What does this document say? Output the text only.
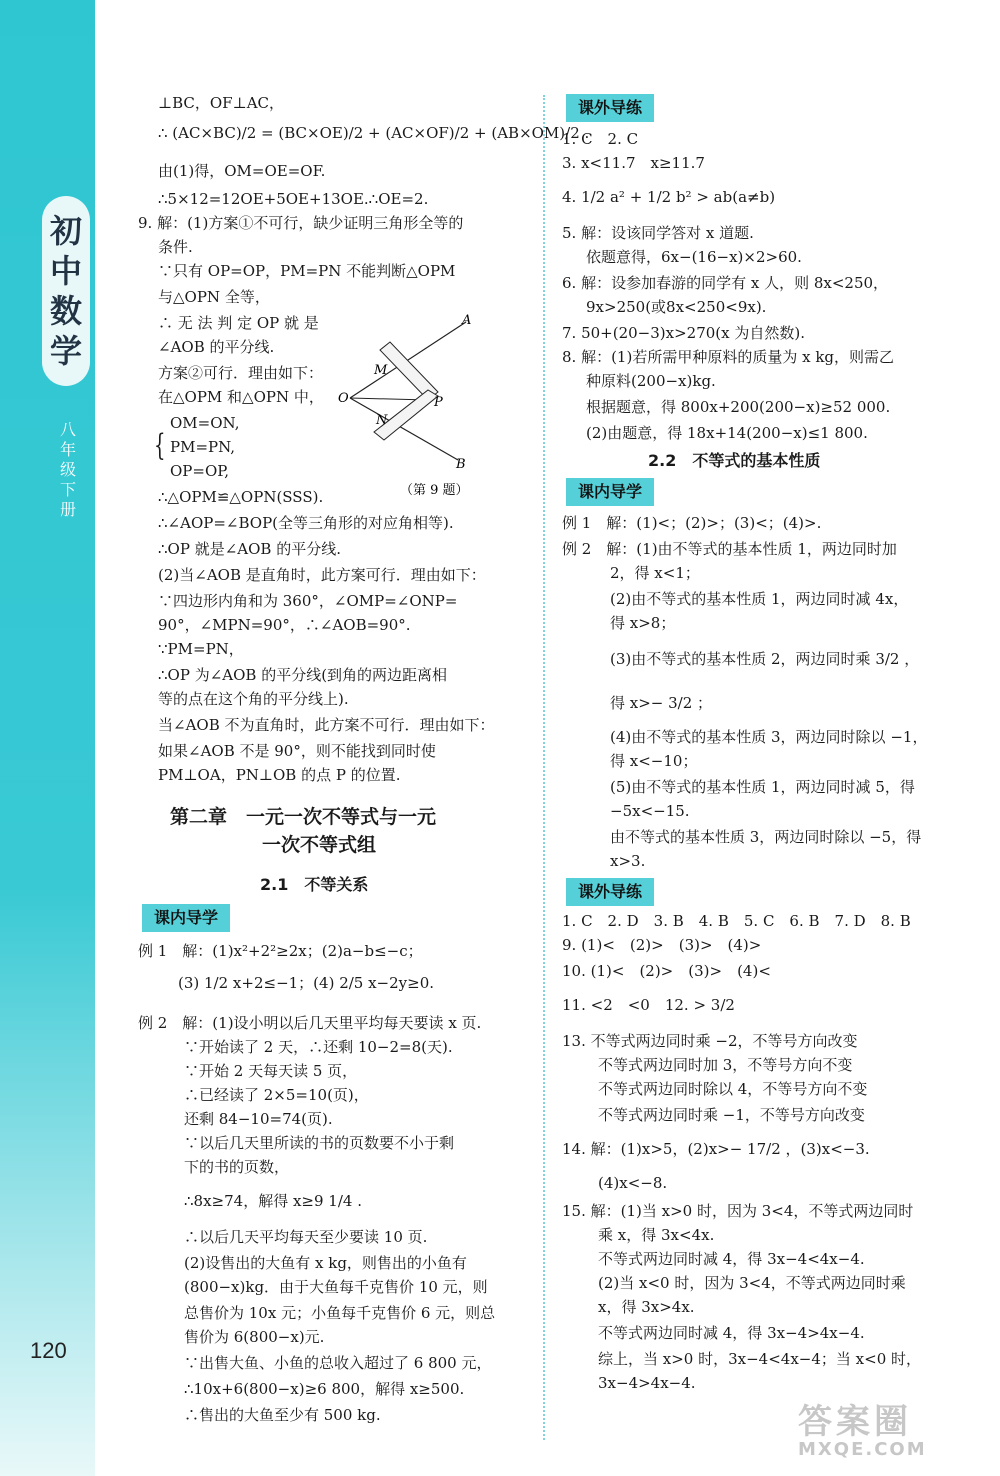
初
中
数
学
八年级 下册
120
⊥BC，OF⊥AC，
∴ (AC×BC)/2 = (BC×OE)/2 + (AC×OF)/2 + (AB×OM)/2 .
由(1)得，OM=OE=OF.
∴5×12=12OE+5OE+13OE.∴OE=2.
9. 解：(1)方案①不可行，缺少证明三角形全等的
条件.
∵只有 OP=OP，PM=PN 不能判断△OPM
与△OPN 全等，
∴ 无 法 判 定 OP 就 是
∠AOB 的平分线.
方案②可行．理由如下：
在△OPM 和△OPN 中，
{
OM=ON,
PM=PN,
OP=OP,
∴△OPM≌△OPN(SSS).
∴∠AOP=∠BOP(全等三角形的对应角相等).
∴OP 就是∠AOB 的平分线.
(2)当∠AOB 是直角时，此方案可行．理由如下：
∵四边形内角和为 360°，∠OMP=∠ONP=
90°，∠MPN=90°，∴∠AOB=90°.
∵PM=PN，
∴OP 为∠AOB 的平分线(到角的两边距离相
等的点在这个角的平分线上).
当∠AOB 不为直角时，此方案不可行．理由如下：
如果∠AOB 不是 90°，则不能找到同时使
PM⊥OA，PN⊥OB 的点 P 的位置.
A
M
O	P
N
B
（第 9 题）
第二章　一元一次不等式与一元
一次不等式组
2.1　不等关系
课内导学
例 1　解：(1)x²+2²≥2x；(2)a−b≤−c；
(3) 1/2 x+2≤−1；(4) 2/5 x−2y≥0.
例 2　解：(1)设小明以后几天里平均每天要读 x 页.
∵开始读了 2 天，∴还剩 10−2=8(天).
∵开始 2 天每天读 5 页，
∴已经读了 2×5=10(页)，
还剩 84−10=74(页).
∵以后几天里所读的书的页数要不小于剩
下的书的页数，
∴8x≥74，解得 x≥9 1/4 .
∴以后几天平均每天至少要读 10 页.
(2)设售出的大鱼有 x kg，则售出的小鱼有
(800−x)kg．由于大鱼每千克售价 10 元，则
总售价为 10x 元；小鱼每千克售价 6 元，则总
售价为 6(800−x)元.
∵出售大鱼、小鱼的总收入超过了 6 800 元，
∴10x+6(800−x)≥6 800，解得 x≥500.
∴售出的大鱼至少有 500 kg.
课外导练
1. C　2. C
3. x<11.7　x≥11.7
4. 1/2 a² + 1/2 b² > ab(a≠b)
5. 解：设该同学答对 x 道题.
依题意得，6x−(16−x)×2>60.
6. 解：设参加春游的同学有 x 人，则 8x<250，
9x>250(或8x<250<9x).
7. 50+(20−3)x>270(x 为自然数).
8. 解：(1)若所需甲种原料的质量为 x kg，则需乙
种原料(200−x)kg.
根据题意，得 800x+200(200−x)≥52 000.
(2)由题意，得 18x+14(200−x)≤1 800.
2.2　不等式的基本性质
课内导学
例 1　解：(1)<；(2)>；(3)<；(4)>.
例 2　解：(1)由不等式的基本性质 1，两边同时加
2，得 x<1；
(2)由不等式的基本性质 1，两边同时减 4x，
得 x>8；
(3)由不等式的基本性质 2，两边同时乘 3/2 ，
得 x>− 3/2 ；
(4)由不等式的基本性质 3，两边同时除以 −1，
得 x<−10；
(5)由不等式的基本性质 1，两边同时减 5，得
−5x<−15.
由不等式的基本性质 3，两边同时除以 −5，得
x>3.
课外导练
1. C　2. D　3. B　4. B　5. C　6. B　7. D　8. B
9. (1)<　(2)>　(3)>　(4)>
10. (1)<　(2)>　(3)>　(4)<
11. <2　<0　12. > 3/2
13. 不等式两边同时乘 −2，不等号方向改变
不等式两边同时加 3，不等号方向不变
不等式两边同时除以 4，不等号方向不变
不等式两边同时乘 −1，不等号方向改变
14. 解：(1)x>5，(2)x>− 17/2 ，(3)x<−3.
(4)x<−8.
15. 解：(1)当 x>0 时，因为 3<4，不等式两边同时
乘 x，得 3x<4x.
不等式两边同时减 4，得 3x−4<4x−4.
(2)当 x<0 时，因为 3<4，不等式两边同时乘
x，得 3x>4x.
不等式两边同时减 4，得 3x−4>4x−4.
综上，当 x>0 时，3x−4<4x−4；当 x<0 时，
3x−4>4x−4.
答案圈
MXQE.COM
